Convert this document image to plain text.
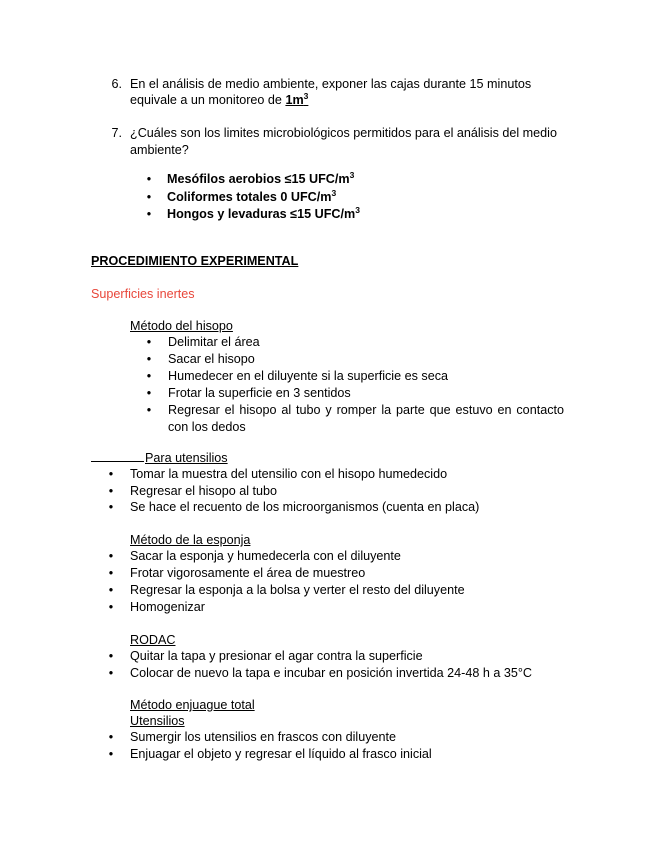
6. En el análisis de medio ambiente, exponer las cajas durante 15 minutos
equivale a un monitoreo de $1m^3$
7. ¿Cuáles son los limites microbiológicos permitidos para el análisis del medio ambiente?
• Mesófilos aerobios ≤15 UFC/$m^3$
• Coliformes totales 0 UFC/$m^3$
• Hongos y levaduras ≤15 UFC/$m^3$
PROCEDIMIENTO EXPERIMENTAL
Superficies inertes
Método del hisopo
• Delimitar el área
• Sacar el hisopo
• Humedecer en el diluyente si la superficie es seca
• Frotar la superficie en 3 sentidos
• Regresar el hisopo al tubo y romper la parte que estuvo en contacto con los dedos
Para utensilios
• Tomar la muestra del utensilio con el hisopo humedecido
• Regresar el hisopo al tubo
• Se hace el recuento de los microorganismos (cuenta en placa)
Método de la esponja
• Sacar la esponja y humedecerla con el diluyente
• Frotar vigorosamente el área de muestreo
• Regresar la esponja a la bolsa y verter el resto del diluyente
• Homogenizar
RODAC
• Quitar la tapa y presionar el agar contra la superficie
• Colocar de nuevo la tapa e incubar en posición invertida 24-48 h a 35°C
Método enjuague total
Utensilios
• Sumergir los utensilios en frascos con diluyente
• Enjuagar el objeto y regresar el líquido al frasco inicial
